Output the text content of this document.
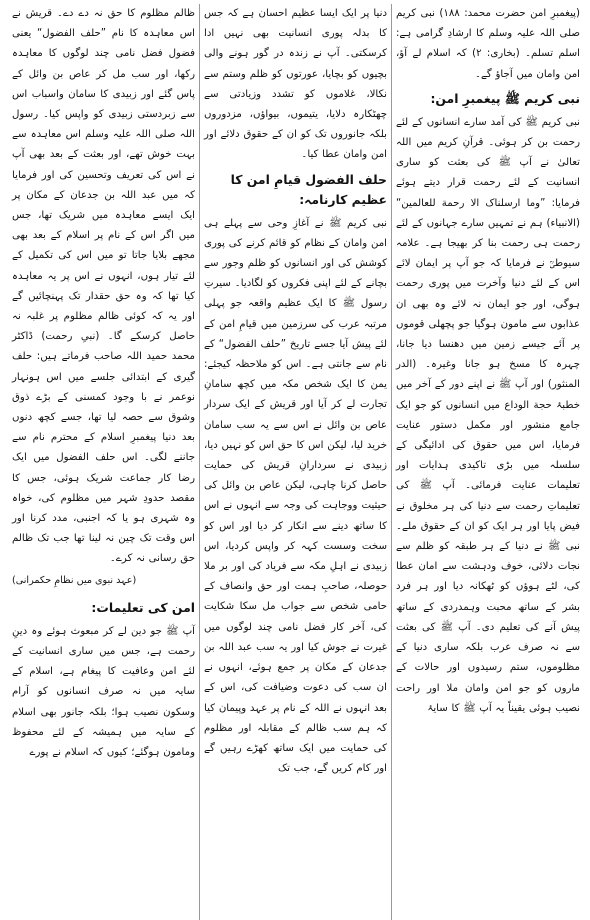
(پیغمبرِ امن حضرت محمد: ۱۸۸) نبی کریم صلی اللہ علیہ وسلم کا ارشادِ گرامی ہے: اسلم تسلم۔ (بخاری: ۲) کہ اسلام لے آؤ، امن وامان میں آجاؤ گے۔

نبی کریم ﷺ پیغمبرِ امن:

نبی کریم ﷺ کی آمد سارے انسانوں کے لئے رحمت بن کر ہوئی۔ قرآنِ کریم میں اللہ تعالیٰ نے آپ ﷺ کی بعثت کو ساری انسانیت کے لئے رحمت قرار دیتے ہوئے فرمایا: ”وما ارسلناک الا رحمة للعالمین“ (الانبیاء) ہم نے تمہیں سارے جہانوں کے لئے رحمت ہی رحمت بنا کر بھیجا ہے۔ علامہ سیوطیؒ نے فرمایا کہ جو آپ پر ایمان لائے اس کے لئے دنیا وآخرت میں پوری رحمت ہوگی، اور جو ایمان نہ لائے وہ بھی ان عذابوں سے مامون ہوگیا جو پچھلی قوموں پر آئے جیسے زمین میں دھنسا دیا جانا، چہرہ کا مسخ ہو جانا وغیرہ۔ (الدر المنثور) اور آپ ﷺ نے اپنے دور کے آخر میں خطبۂ حجة الوداع میں انسانوں کو جو ایک جامع منشور اور مکمل دستور عنایت فرمایا، اس میں حقوق کی ادائیگی کے سلسلہ میں بڑی تاکیدی ہدایات اور تعلیمات عنایت فرمائی۔ آپ ﷺ کی تعلیماتِ رحمت سے دنیا کی ہر مخلوق نے فیض پایا اور ہر ایک کو ان کے حقوق ملے۔ نبی ﷺ نے دنیا کے ہر طبقہ کو ظلم سے نجات دلائی، خوف ودہشت سے امان عطا کی، لٹے ہوؤں کو ٹھکانہ دیا اور ہر فرد بشر کے ساتھ محبت وہمدردی کے ساتھ پیش آنے کی تعلیم دی۔ آپ ﷺ کی بعثت سے نہ صرف عرب بلکہ ساری دنیا کے مظلوموں، ستم رسیدوں اور حالات کے ماروں کو جو امن وامان ملا اور راحت نصیب ہوئی یقیناً یہ آپ ﷺ کا سایۂ

دنیا پر ایک ایسا عظیم احسان ہے کہ جس کا بدلہ پوری انسانیت بھی نہیں ادا کرسکتی۔ آپ نے زندہ در گور ہونے والی بچیوں کو بچایا، عورتوں کو ظلم وستم سے نکالا، غلاموں کو تشدد وزیادتی سے چھٹکارہ دلایا، یتیموں، بیواؤں، مزدوروں بلکہ جانوروں تک کو ان کے حقوق دلائے اور امن وامان عطا کیا۔

حلف الفضول قیامِ امن کا عظیم کارنامہ:

نبی کریم ﷺ نے آغازِ وحی سے پہلے ہی امن وامان کے نظام کو قائم کرنے کی پوری کوشش کی اور انسانوں کو ظلم وجور سے بچانے کے لئے اپنی فکروں کو لگادیا۔ سیرتِ رسول ﷺ کا ایک عظیم واقعہ جو پہلی مرتبہ عرب کی سرزمین میں قیامِ امن کے لئے پیش آیا جسے تاریخ ”حلف الفضول“ کے نام سے جانتی ہے۔ اس کو ملاحظہ کیجئے: یمن کا ایک شخص مکہ میں کچھ سامانِ تجارت لے کر آیا اور قریش کے ایک سردار عاص بن وائل نے اس سے یہ سب سامان خرید لیا، لیکن اس کا حق اس کو نہیں دیا، زبیدی نے سردارانِ قریش کی حمایت حاصل کرنا چاہی، لیکن عاص بن وائل کی حیثیت ووجاہت کی وجہ سے انہوں نے اس کا ساتھ دینے سے انکار کر دیا اور اس کو سخت وسست کہہ کر واپس کردیا، اس زبیدی نے اہلِ مکہ سے فریاد کی اور بر ملا حوصلہ، صاحبِ ہمت اور حق وانصاف کے حامی شخص سے جواب مل سکا شکایت کی، آخر کار فضل نامی چند لوگوں میں غیرت نے جوش کیا اور یہ سب عبد اللہ بن جدعان کے مکان پر جمع ہوئے، انہوں نے ان سب کی دعوت وضیافت کی، اس کے بعد انہوں نے اللہ کے نام پر عہد وپیمان کیا کہ ہم سب ظالم کے مقابلہ اور مظلوم کی حمایت میں ایک ساتھ کھڑے رہیں گے اور کام کریں گے، جب تک

ظالم مظلوم کا حق نہ دے دے۔ قریش نے اس معاہدہ کا نام ”حلف الفضول“ یعنی فضول فضل نامی چند لوگوں کا معاہدہ رکھا، اور سب مل کر عاص بن وائل کے پاس گئے اور زبیدی کا سامان واسباب اس سے زبردستی زبیدی کو واپس کیا۔ رسول اللہ صلی اللہ علیہ وسلم اس معاہدہ سے بہت خوش تھے، اور بعثت کے بعد بھی آپ نے اس کی تعریف وتحسین کی اور فرمایا کہ میں عبد اللہ بن جدعان کے مکان پر ایک ایسے معاہدہ میں شریک تھا، جس میں اگر اس کے نام پر اسلام کے بعد بھی مجھے بلایا جاتا تو میں اس کی تکمیل کے لئے تیار ہوں، انہوں نے اس پر یہ معاہدہ کیا تھا کہ وہ حق حقدار تک پہنچائیں گے اور یہ کہ کوئی ظالم مظلوم پر غلبہ نہ حاصل کرسکے گا۔ (نبیِ رحمت) ڈاکٹر محمد حمید اللہ صاحب فرماتے ہیں: حلف گیری کے ابتدائی جلسے میں اس ہونہار نوعمر نے با وجود کمسنی کے بڑے ذوق وشوق سے حصہ لیا تھا، جسے کچھ دنوں بعد دنیا پیغمبرِ اسلام کے محترم نام سے جاننے لگی۔ اس حلف الفضول میں ایک رضا کار جماعت شریک ہوئی، جس کا مقصد حدودِ شہر میں مظلوم کی، خواہ وہ شہری ہو یا کہ اجنبی، مدد کرنا اور اس وقت تک چین نہ لینا تھا جب تک ظالم حق رسانی نہ کرے۔

(عہد نبوی میں نظامِ حکمرانی)

امن کی تعلیمات:

آپ ﷺ جو دین لے کر مبعوث ہوئے وہ دینِ رحمت ہے، جس میں ساری انسانیت کے لئے امن وعافیت کا پیغام ہے، اسلام کے سایہ میں نہ صرف انسانوں کو آرام وسکون نصیب ہوا؛ بلکہ جانور بھی اسلام کے سایہ میں ہمیشہ کے لئے محفوظ ومامون ہوگئے؛ کیوں کہ اسلام نے پورے
